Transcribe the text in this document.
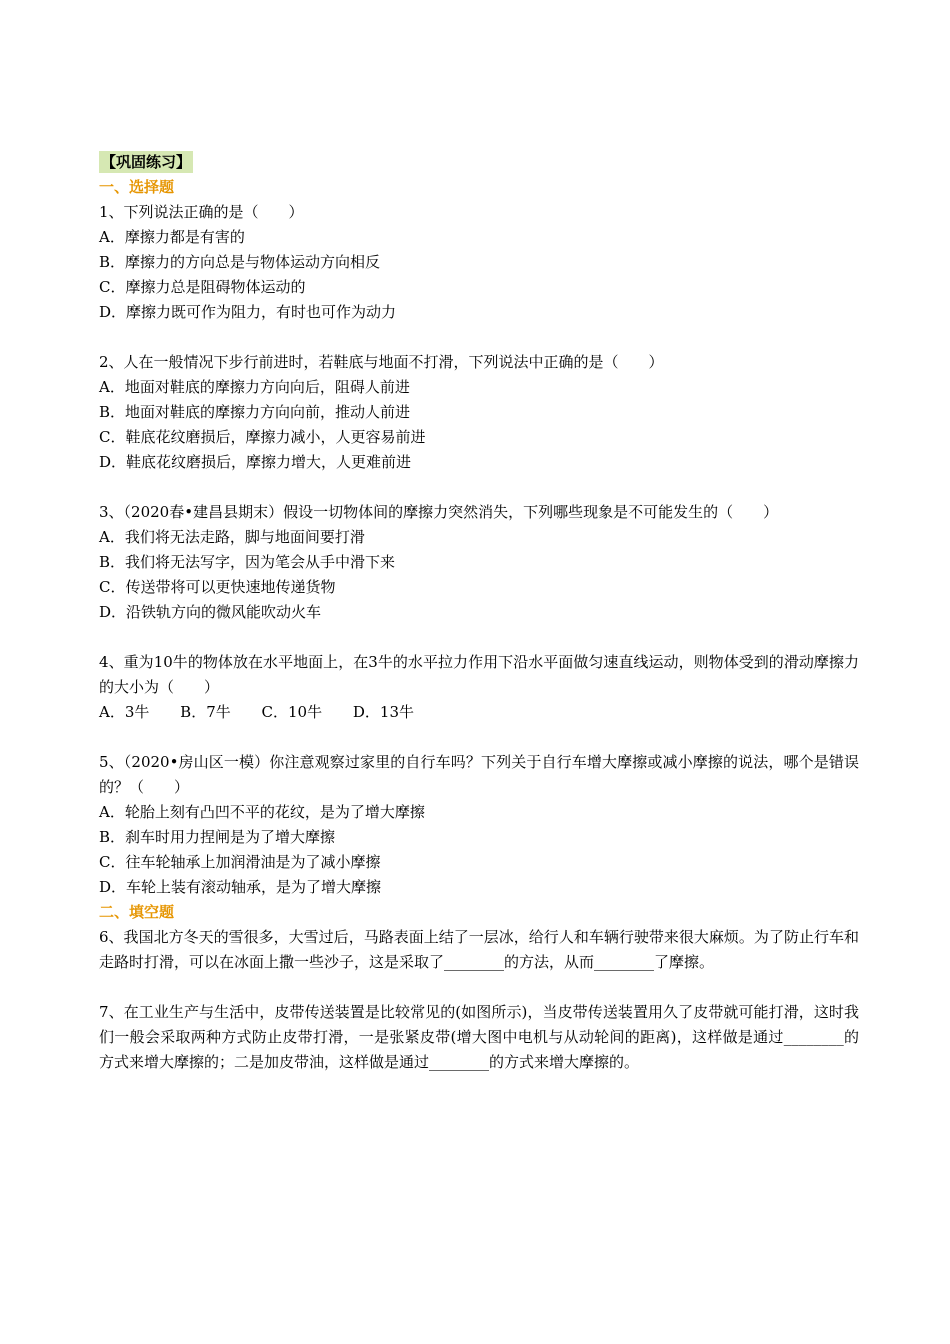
【巩固练习】
一、选择题

1、下列说法正确的是（　　）

A．摩擦力都是有害的

B．摩擦力的方向总是与物体运动方向相反

C．摩擦力总是阻碍物体运动的

D．摩擦力既可作为阻力，有时也可作为动力

2、人在一般情况下步行前进时，若鞋底与地面不打滑，下列说法中正确的是（　　）

A．地面对鞋底的摩擦力方向向后，阻碍人前进

B．地面对鞋底的摩擦力方向向前，推动人前进

C．鞋底花纹磨损后，摩擦力减小，人更容易前进

D．鞋底花纹磨损后，摩擦力增大，人更难前进

3、（2020春•建昌县期末）假设一切物体间的摩擦力突然消失，下列哪些现象是不可能发生的（　　）

A．我们将无法走路，脚与地面间要打滑

B．我们将无法写字，因为笔会从手中滑下来

C．传送带将可以更快速地传递货物

D．沿铁轨方向的微风能吹动火车

4、重为10牛的物体放在水平地面上，在3牛的水平拉力作用下沿水平面做匀速直线运动，则物体受到的滑动摩擦力的大小为（　　）

A．3牛 B．7牛 C．10牛 D．13牛

5、（2020•房山区一模）你注意观察过家里的自行车吗？下列关于自行车增大摩擦或减小摩擦的说法，哪个是错误的？（　　）

A．轮胎上刻有凸凹不平的花纹，是为了增大摩擦

B．刹车时用力捏闸是为了增大摩擦

C．往车轮轴承上加润滑油是为了减小摩擦

D．车轮上装有滚动轴承，是为了增大摩擦

二、填空题

6、我国北方冬天的雪很多，大雪过后，马路表面上结了一层冰，给行人和车辆行驶带来很大麻烦。为了防止行车和走路时打滑，可以在冰面上撒一些沙子，这是采取了________的方法，从而________了摩擦。

7、在工业生产与生活中，皮带传送装置是比较常见的(如图所示)，当皮带传送装置用久了皮带就可能打滑，这时我们一般会采取两种方式防止皮带打滑，一是张紧皮带(增大图中电机与从动轮间的距离)，这样做是通过________的方式来增大摩擦的；二是加皮带油，这样做是通过________的方式来增大摩擦的。
